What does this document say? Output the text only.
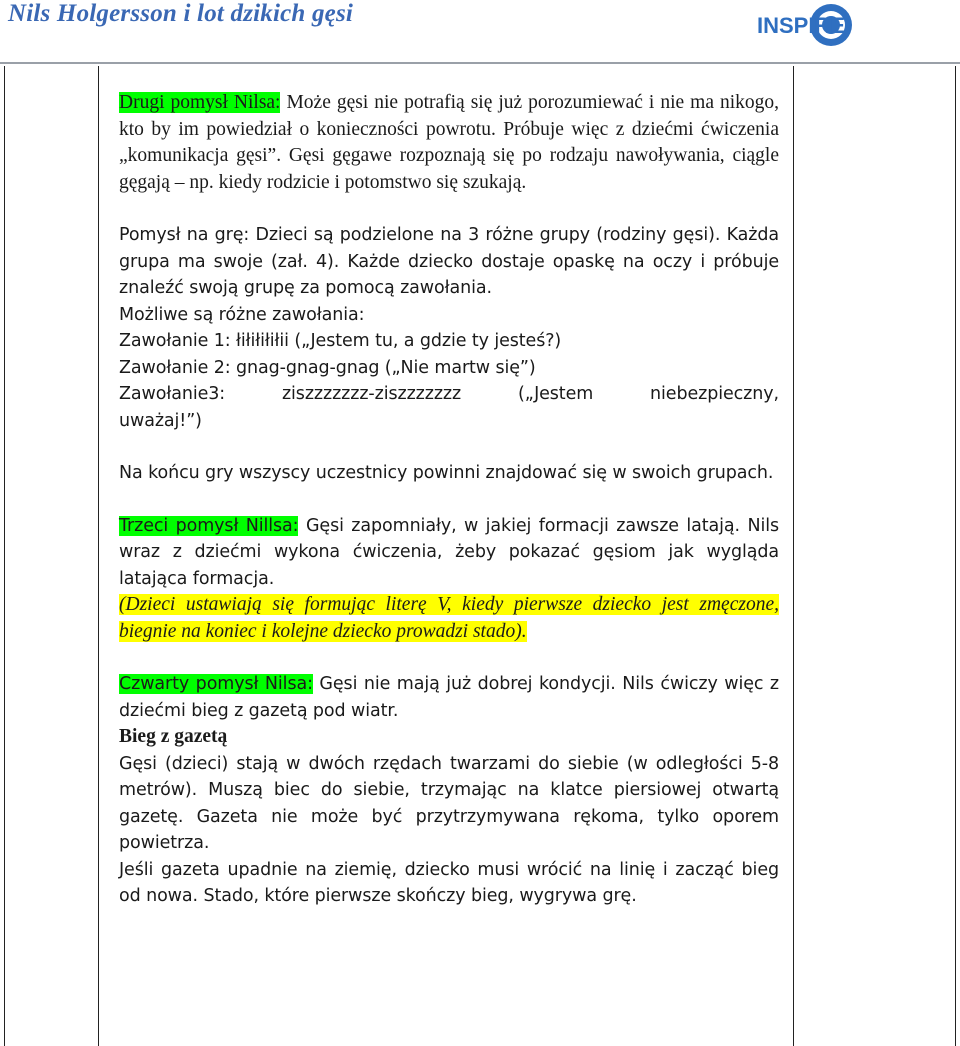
Nils Holgersson i lot dzikich gęsi	INSPIRE

Drugi pomysł Nilsa: Może gęsi nie potrafią się już porozumiewać i nie ma nikogo, kto by im powiedział o konieczności powrotu. Próbuje więc z dziećmi ćwiczenia „komunikacja gęsi”. Gęsi gęgawe rozpoznają się po rodzaju nawoływania, ciągle gęgają – np. kiedy rodzicie i potomstwo się szukają.

Pomysł na grę: Dzieci są podzielone na 3 różne grupy (rodziny gęsi). Każda grupa ma swoje (zał. 4). Każde dziecko dostaje opaskę na oczy i próbuje znaleźć swoją grupę za pomocą zawołania.

Możliwe są różne zawołania:

Zawołanie 1: łiłiłiłiłii („Jestem tu, a gdzie ty jesteś?)

Zawołanie 2: gnag-gnag-gnag („Nie martw się”)

Zawołanie3:	ziszzzzzzz-ziszzzzzzz	(„Jestem	niebezpieczny,

uważaj!”)

Na końcu gry wszyscy uczestnicy powinni znajdować się w swoich grupach.

Trzeci pomysł Nillsa: Gęsi zapomniały, w jakiej formacji zawsze latają. Nils wraz z dziećmi wykona ćwiczenia, żeby pokazać gęsiom jak wygląda latająca formacja.

(Dzieci ustawiają się formując literę V, kiedy pierwsze dziecko jest zmęczone, biegnie na koniec i kolejne dziecko prowadzi stado).

Czwarty pomysł Nilsa: Gęsi nie mają już dobrej kondycji. Nils ćwiczy więc z dziećmi bieg z gazetą pod wiatr.

Bieg z gazetą

Gęsi (dzieci) stają w dwóch rzędach twarzami do siebie (w odległości 5-8 metrów). Muszą biec do siebie, trzymając na klatce piersiowej otwartą gazetę. Gazeta nie może być przytrzymywana rękoma, tylko oporem powietrza.

Jeśli gazeta upadnie na ziemię, dziecko musi wrócić na linię i zacząć bieg od nowa. Stado, które pierwsze skończy bieg, wygrywa grę.
